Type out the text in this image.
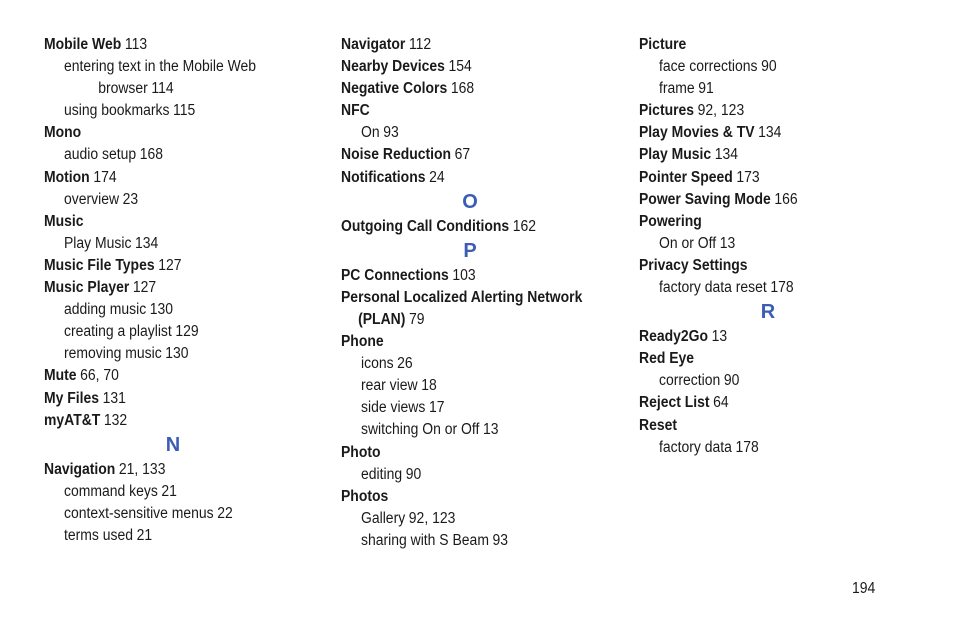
Mobile Web 113
entering text in the Mobile Web
browser 114
using bookmarks 115
Mono
audio setup 168
Motion 174
overview 23
Music
Play Music 134
Music File Types 127
Music Player 127
adding music 130
creating a playlist 129
removing music 130
Mute 66, 70
My Files 131
myAT&T 132
N
Navigation 21, 133
command keys 21
context-sensitive menus 22
terms used 21
Navigator 112
Nearby Devices 154
Negative Colors 168
NFC
On 93
Noise Reduction 67
Notifications 24
O
Outgoing Call Conditions 162
P
PC Connections 103
Personal Localized Alerting Network
(PLAN) 79
Phone
icons 26
rear view 18
side views 17
switching On or Off 13
Photo
editing 90
Photos
Gallery 92, 123
sharing with S Beam 93
Picture
face corrections 90
frame 91
Pictures 92, 123
Play Movies & TV 134
Play Music 134
Pointer Speed 173
Power Saving Mode 166
Powering
On or Off 13
Privacy Settings
factory data reset 178
R
Ready2Go 13
Red Eye
correction 90
Reject List 64
Reset
factory data 178
194
